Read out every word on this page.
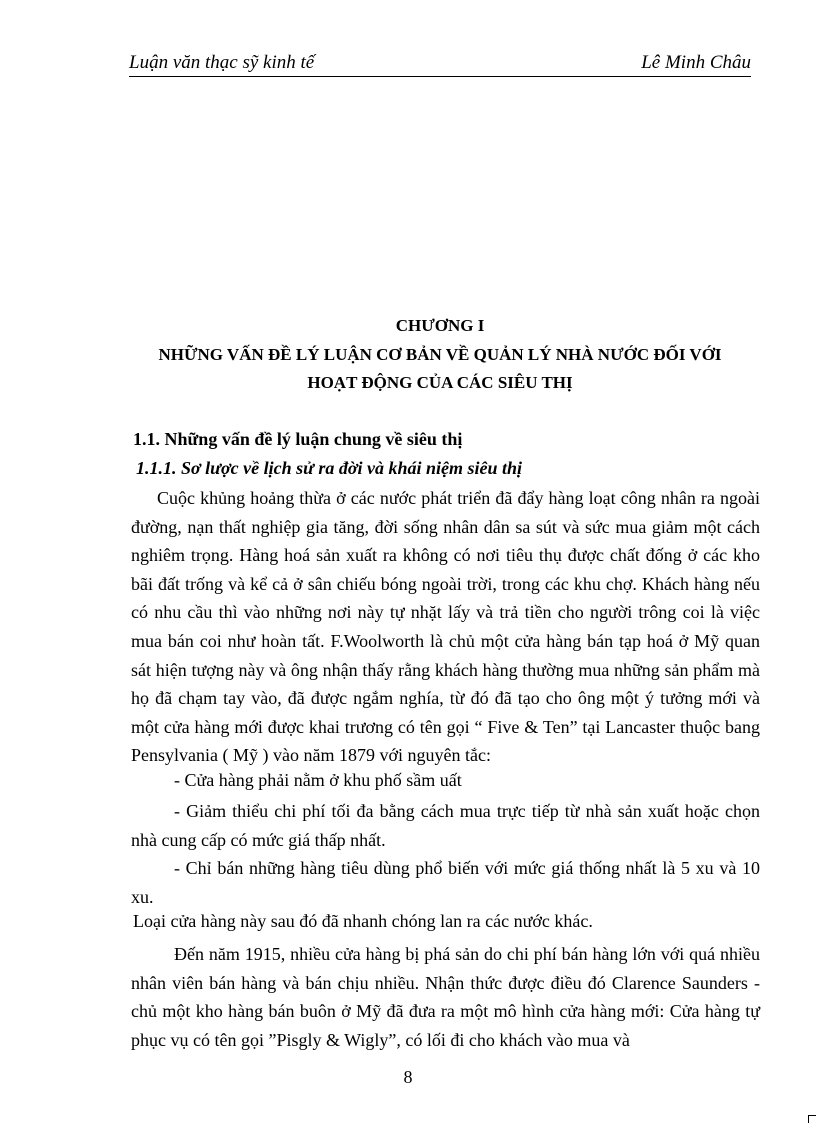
Luận văn thạc sỹ kinh tế	Lê Minh Châu
CHƯƠNG I
NHỮNG VẤN ĐỀ LÝ LUẬN CƠ BẢN VỀ QUẢN LÝ NHÀ NƯỚC ĐỐI VỚI
HOẠT ĐỘNG CỦA CÁC SIÊU THỊ
1.1. Những vấn đề lý luận chung về siêu thị
1.1.1. Sơ lược về lịch sử ra đời và khái niệm siêu thị
Cuộc khủng hoảng thừa ở các nước phát triển đã đẩy hàng loạt công nhân ra ngoài đường, nạn thất nghiệp gia tăng, đời sống nhân dân sa sút và sức mua giảm một cách nghiêm trọng. Hàng hoá sản xuất ra không có nơi tiêu thụ được chất đống ở các kho bãi đất trống và kể cả ở sân chiếu bóng ngoài trời, trong các khu chợ. Khách hàng nếu có nhu cầu thì vào những nơi này tự nhặt lấy và trả tiền cho người trông coi là việc mua bán coi như hoàn tất. F.Woolworth là chủ một cửa hàng bán tạp hoá ở Mỹ quan sát hiện tượng này và ông nhận thấy rằng khách hàng thường mua những sản phẩm mà họ đã chạm tay vào, đã được ngắm nghía, từ đó đã tạo cho ông một ý tưởng mới và một cửa hàng mới được khai trương có tên gọi “ Five & Ten” tại Lancaster thuộc bang Pensylvania ( Mỹ ) vào năm 1879 với nguyên tắc:
- Cửa hàng phải nằm ở khu phố sầm uất
- Giảm thiểu chi phí tối đa bằng cách mua trực tiếp từ nhà sản xuất hoặc chọn nhà cung cấp có mức giá thấp nhất.
- Chỉ bán những hàng tiêu dùng phổ biến với mức giá thống nhất là 5 xu và 10 xu.
Loại cửa hàng này sau đó đã nhanh chóng lan ra các nước khác.
Đến năm 1915, nhiều cửa hàng bị phá sản do chi phí bán hàng lớn với quá nhiều nhân viên bán hàng và bán chịu nhiều. Nhận thức được điều đó Clarence Saunders - chủ một kho hàng bán buôn ở Mỹ đã đưa ra một mô hình cửa hàng mới: Cửa hàng tự phục vụ có tên gọi ”Pisgly & Wigly”, có lối đi cho khách vào mua và
8
